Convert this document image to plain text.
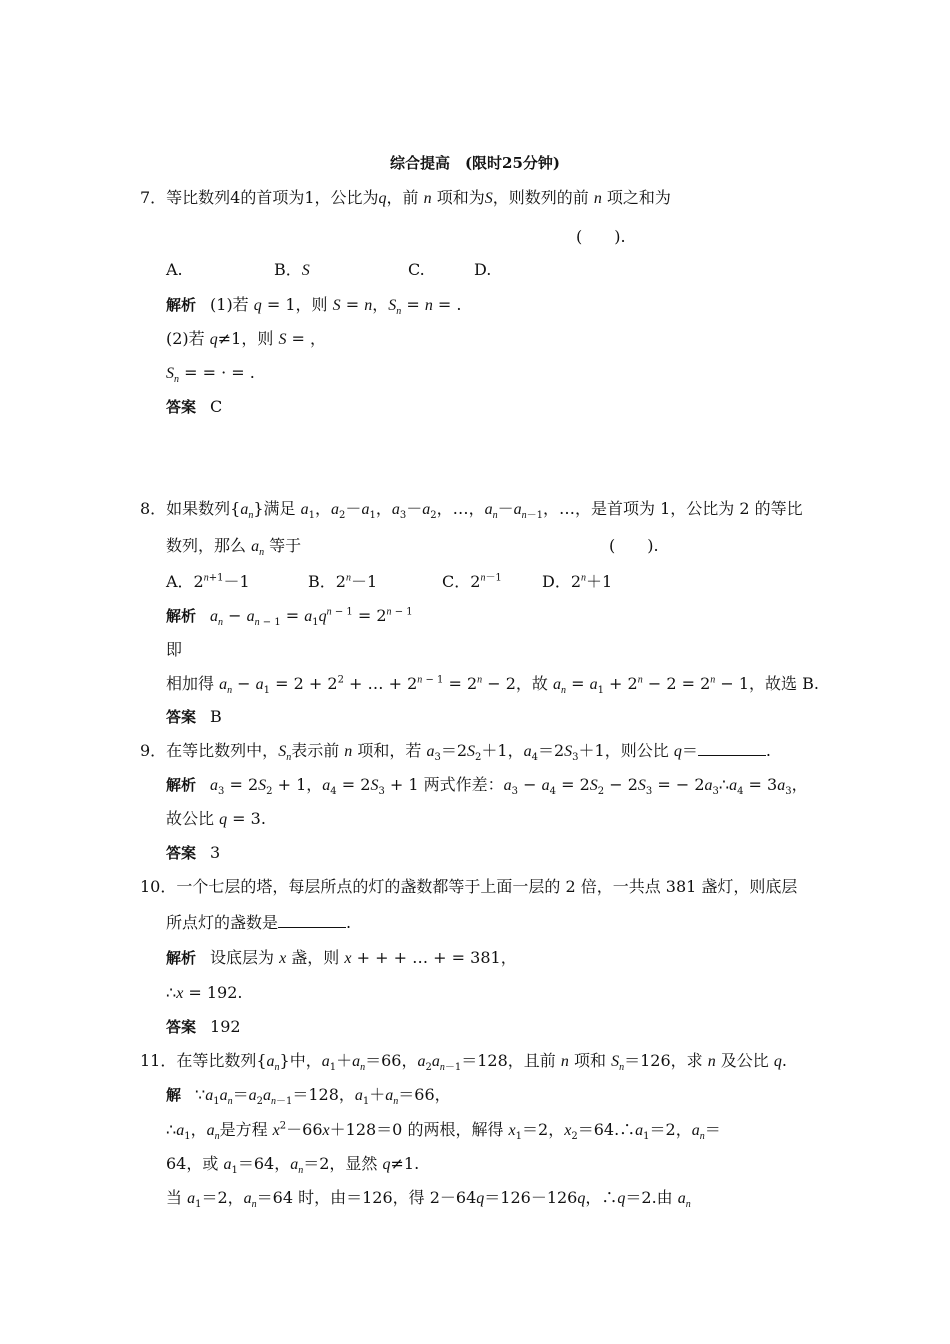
综合提高　(限时25分钟)
7．等比数列4的首项为1，公比为q，前 n 项和为S，则数列的前 n 项之和为
(　　).
A.	B．S	C.	D.
解析 (1)若 q = 1，则 S = n，$S_n = n$ = .
(2)若 q≠1，则 S = ，
$S_n$ = = · = .
答案 C
8．如果数列$\{a_n\}$满足 $a_1$，$a_2-a_1$，$a_3-a_2$，…，$a_n-a_{n-1}$，…，是首项为 1，公比为 2 的等比
数列，那么 $a_n$ 等于	(　　).
A．$2^{n+1}-1$	B．$2^n-1$	C．$2^{n-1}$	D．$2^n+1$
解析 $a_n - a_n$ $_{- 1} = a_1q^{n - 1} = 2^{n - 1}$
即
相加得 $a_n - a_1 = 2 + 2^2$ + … + $2^{n - 1} = 2^n - 2$，故 $a_n = a_1 + 2^n - 2 = 2^n - 1$，故选 B.
答案 B
9．在等比数列中，$S_n$表示前 n 项和，若 $a_3=2S_2+1$，$a_4=2S_3+1$，则公比 q＝	.
解析 $a_3 = 2S_2 + 1$，$a_4 = 2S_3 + 1$ 两式作差：$a_3 - a_4 = 2S_2 - 2S_3$ = − $2a_3\therefore a_4 = 3a_3$，
故公比 q = 3.
答案 3
10．一个七层的塔，每层所点的灯的盏数都等于上面一层的 2 倍，一共点 381 盏灯，则底层
所点灯的盏数是	.
解析 设底层为 x 盏，则 x + + + … + = 381，
∴x = 192.
答案 192
11．在等比数列$\{a_n\}$中，$a_1+a_n=66$，$a_2a_{n-1}=128$，且前 n 项和 $S_n=126$，求 n 及公比 q.
解 $\because a_1a_n=a_2a_{n-1}=128$，$a_1+a_n=66$，
$\therefore a_1$，$a_n$是方程 $x^2-66x+128=0$ 的两根，解得 $x_1=2$，$x_2=64.\therefore a_1=2$，$a_n=$
64，或 $a_1=64$，$a_n=2$，显然 q≠1.
当 $a_1=2$，$a_n=64$ 时，由＝126，得 2－64q＝126－126q，∴q＝2.由 $a_n$
